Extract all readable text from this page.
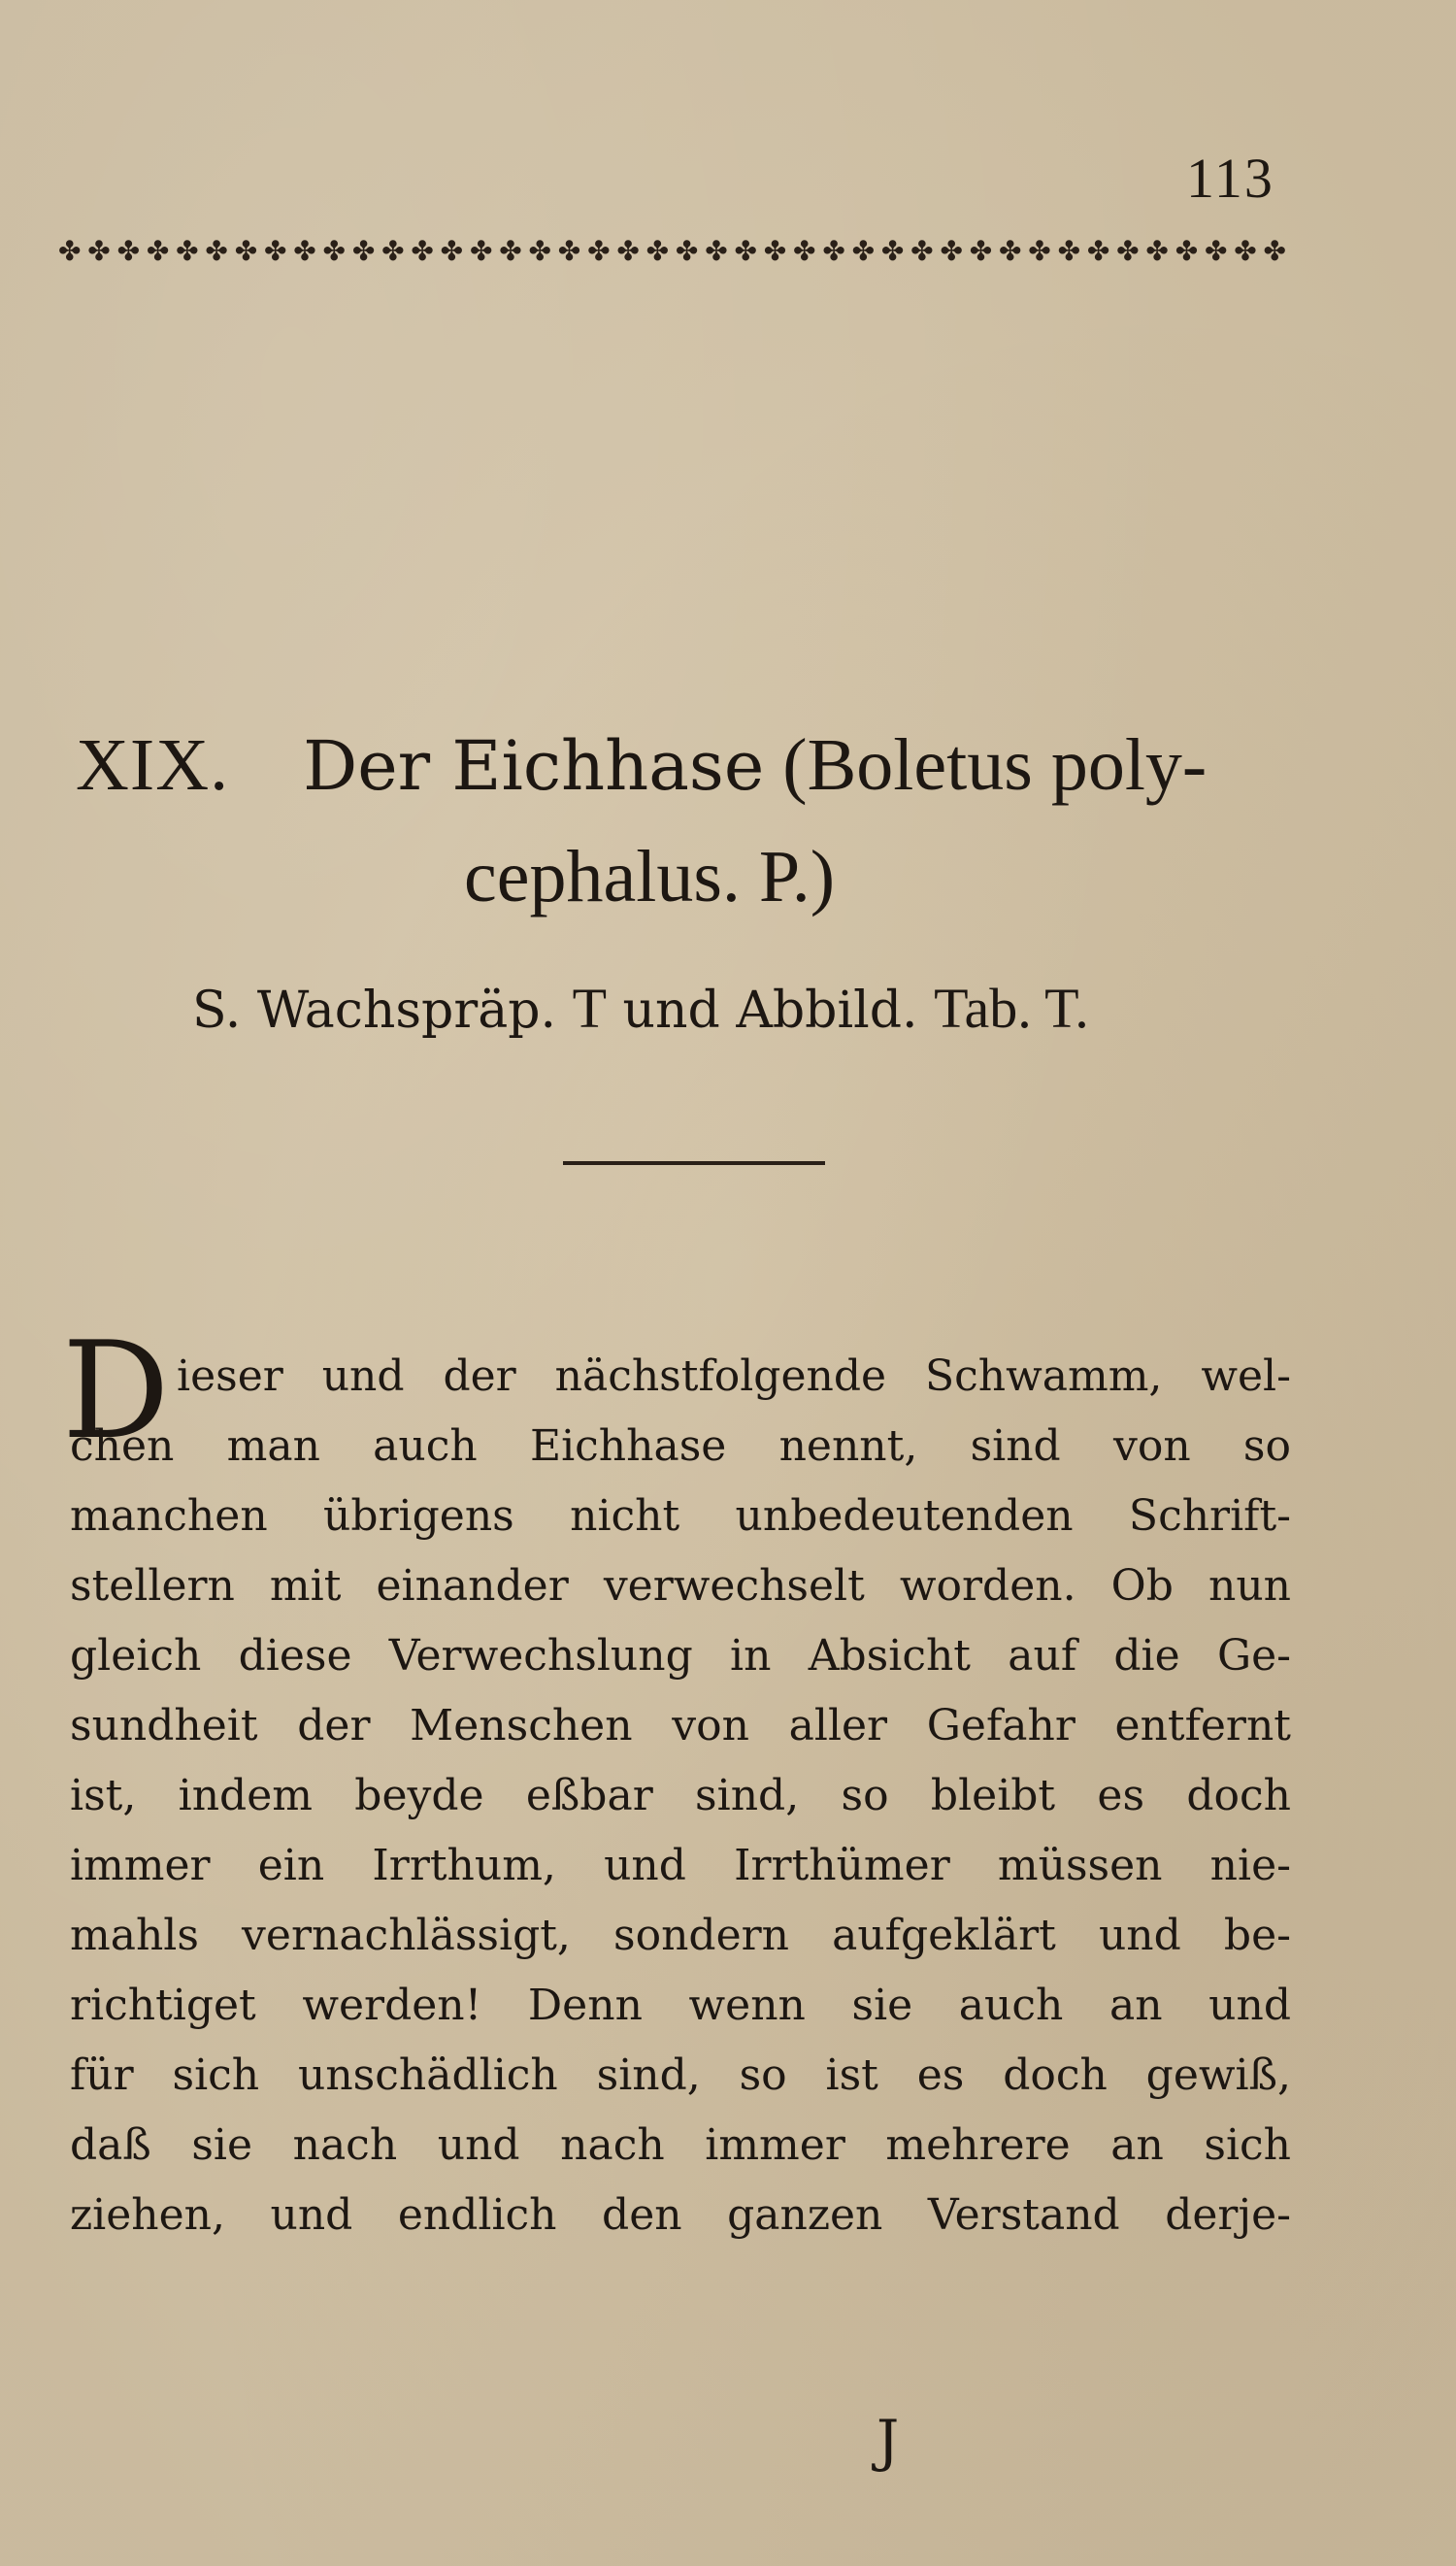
113
✤ ✤ ✤ ✤ ✤ ✤ ✤ ✤ ✤ ✤ ✤ ✤ ✤ ✤ ✤ ✤ ✤ ✤ ✤ ✤ ✤ ✤ ✤ ✤ ✤ ✤ ✤ ✤ ✤ ✤ ✤ ✤ ✤ ✤ ✤ ✤ ✤ ✤ ✤ ✤ ✤ ✤
XIX. Der Eichhase (Boletus poly-
cephalus. P.)
S. Wachspräp. T und Abbild. Tab. T.
D ieser und der nächstfolgende Schwamm, wel-
chen man auch Eichhase nennt, sind von so
manchen übrigens nicht unbedeutenden Schrift-
stellern mit einander verwechselt worden. Ob nun
gleich diese Verwechslung in Absicht auf die Ge-
sundheit der Menschen von aller Gefahr entfernt
ist, indem beyde eßbar sind, so bleibt es doch
immer ein Irrthum, und Irrthümer müssen nie-
mahls vernachlässigt, sondern aufgeklärt und be-
richtiget werden! Denn wenn sie auch an und
für sich unschädlich sind, so ist es doch gewiß,
daß sie nach und nach immer mehrere an sich
ziehen, und endlich den ganzen Verstand derje-
J
